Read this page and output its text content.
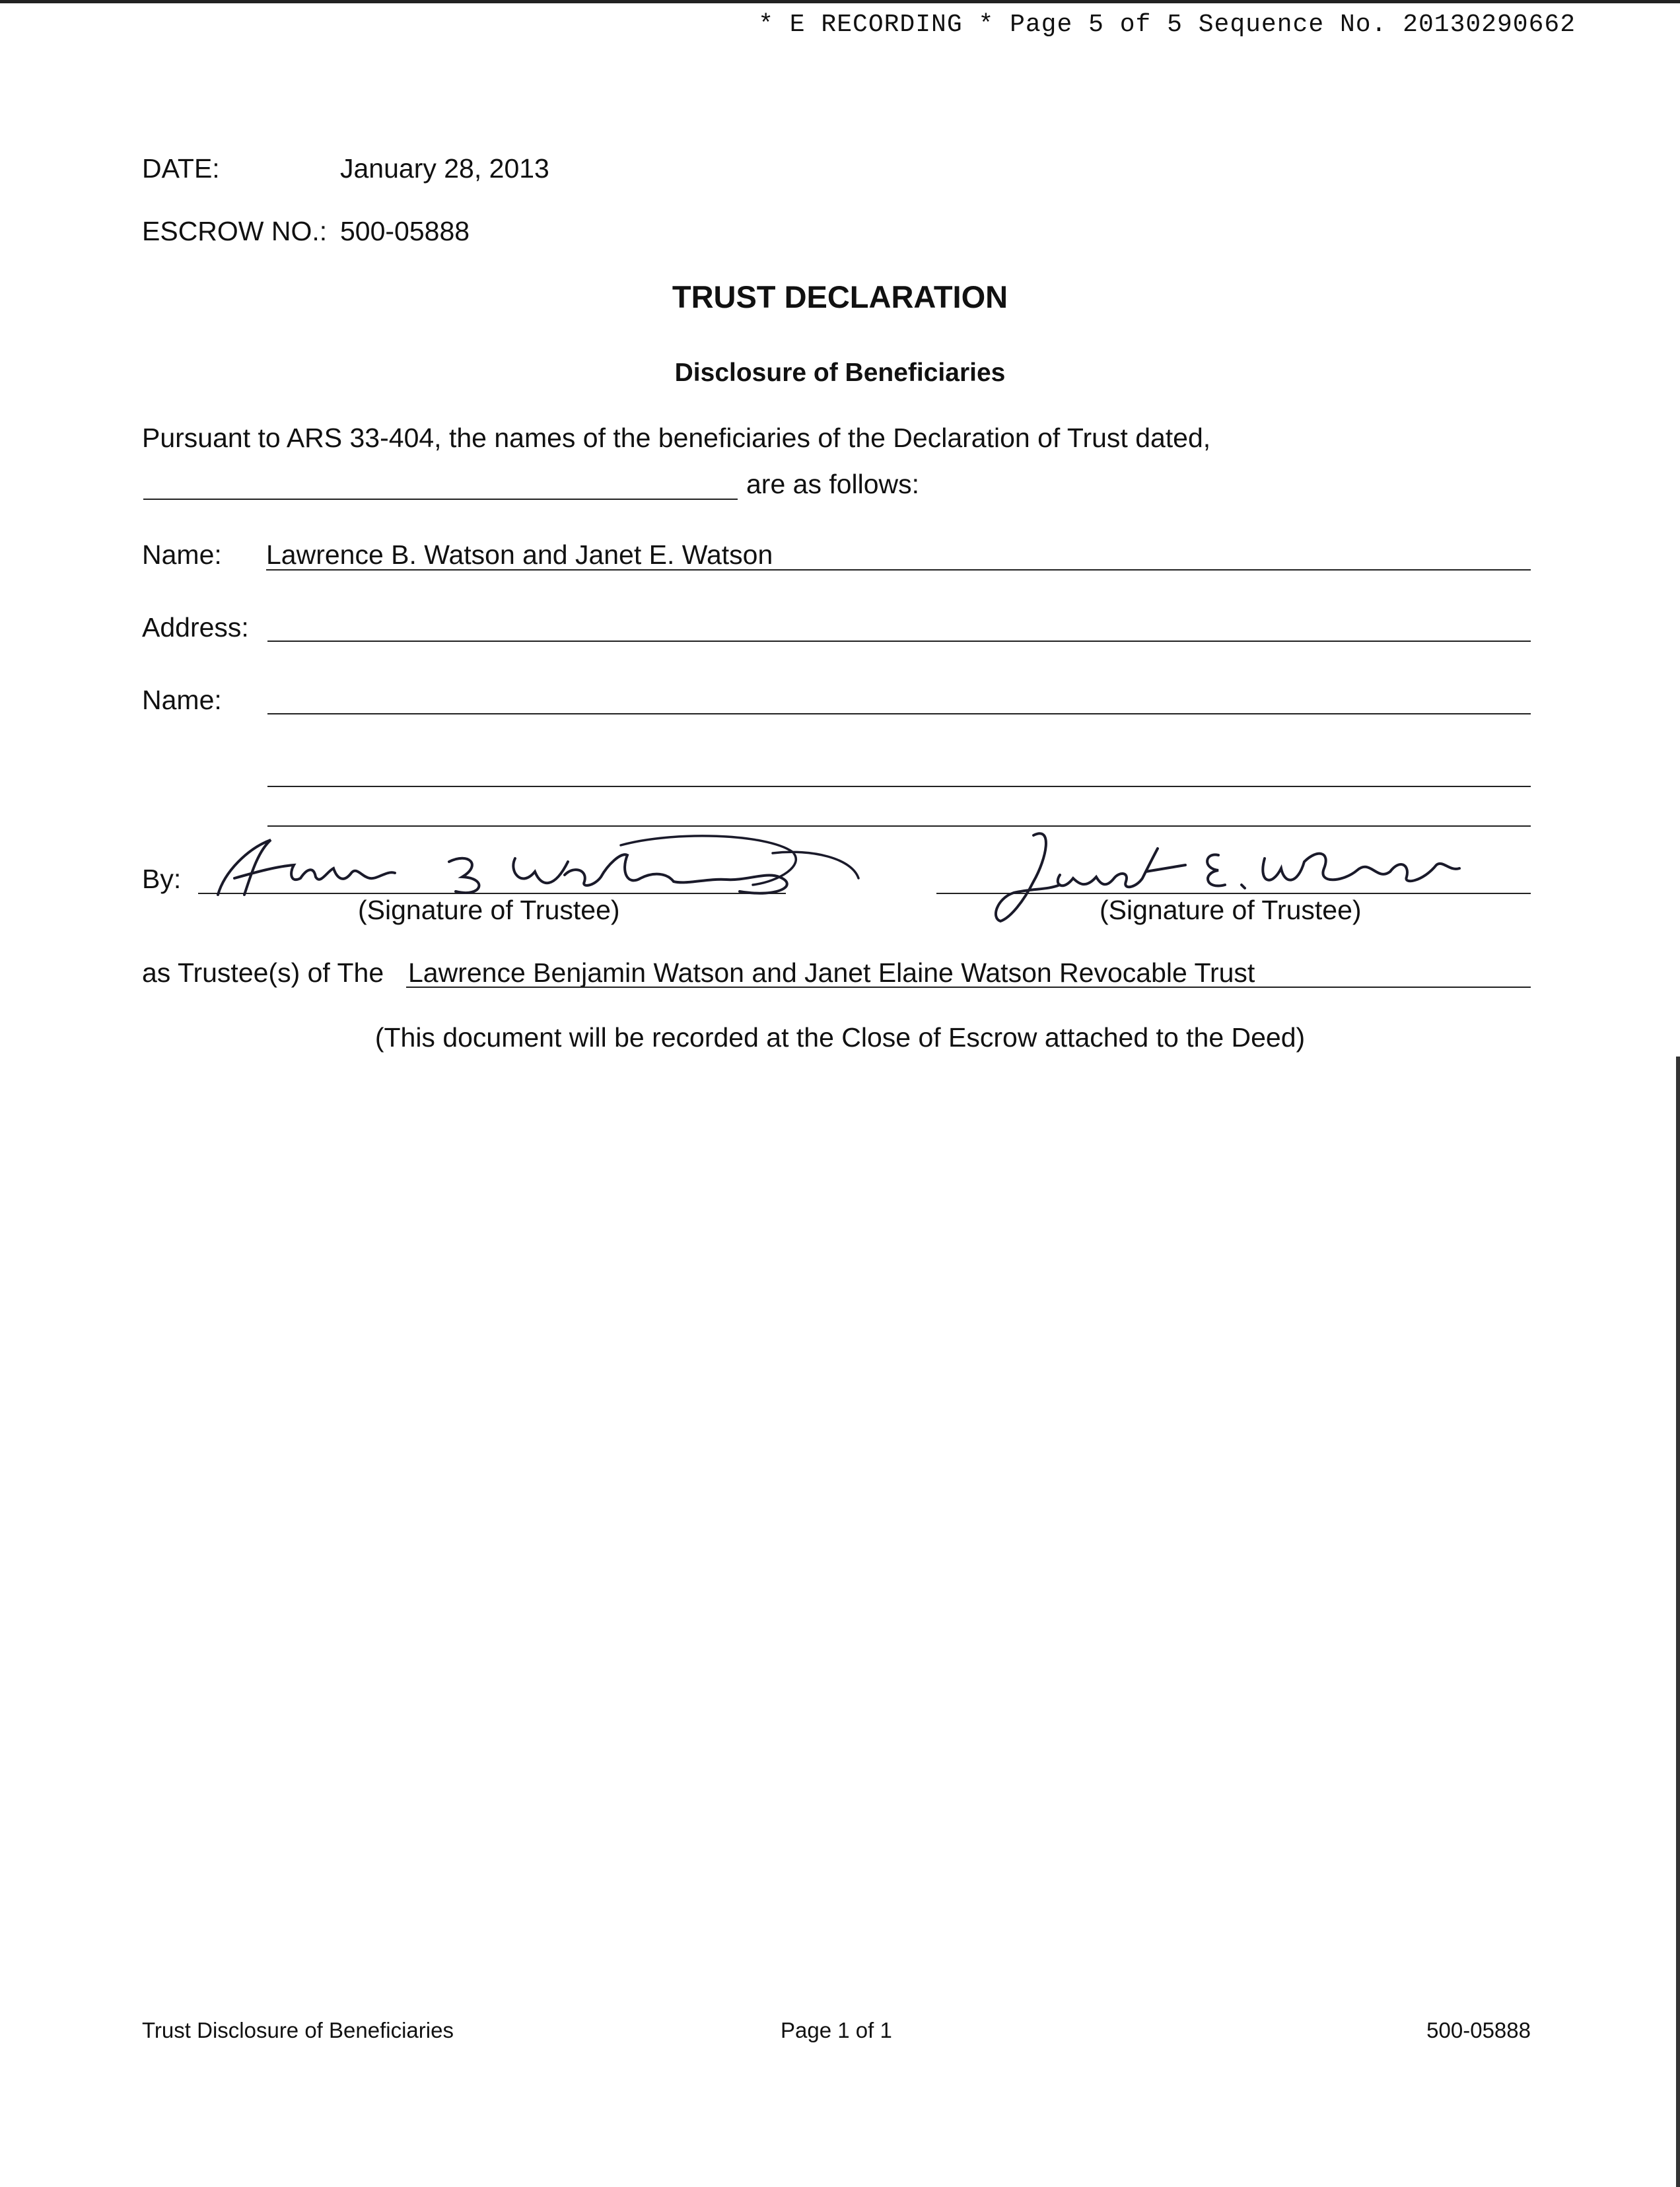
* E RECORDING * Page 5 of 5 Sequence No. 20130290662
DATE:	January 28, 2013
ESCROW NO.: 500-05888
TRUST DECLARATION
Disclosure of Beneficiaries
Pursuant to ARS 33-404, the names of the beneficiaries of the Declaration of Trust dated,
are as follows:
Name: Lawrence B. Watson and Janet E. Watson
Address:
Name:
By:
(Signature of Trustee)	(Signature of Trustee)
as Trustee(s) of The Lawrence Benjamin Watson and Janet Elaine Watson Revocable Trust
(This document will be recorded at the Close of Escrow attached to the Deed)
Trust Disclosure of Beneficiaries	Page 1 of 1	500-05888
